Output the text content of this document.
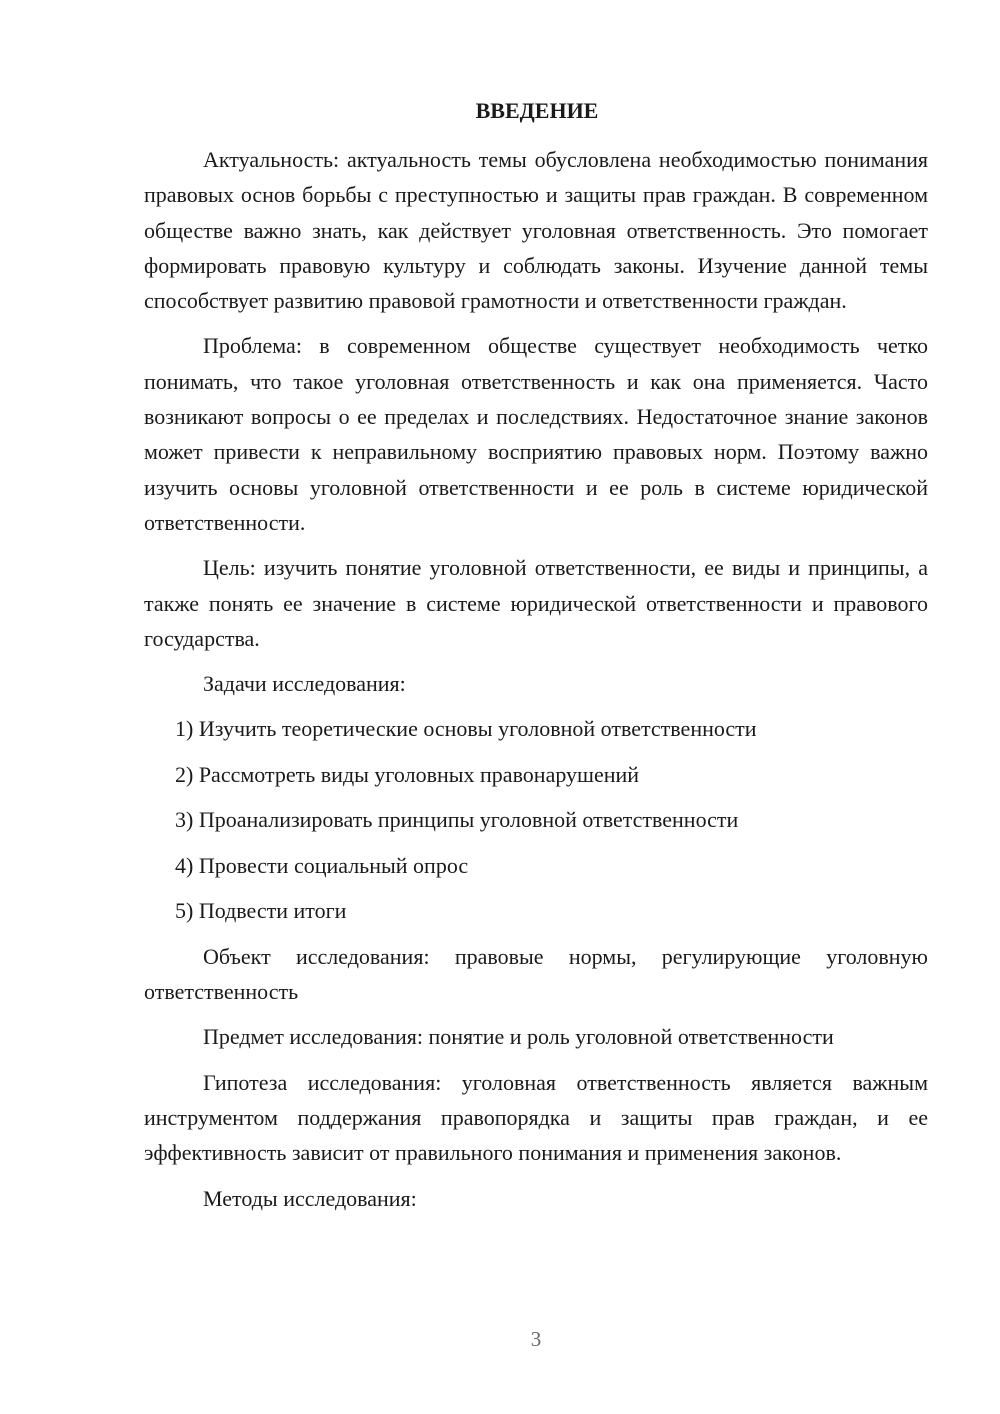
ВВЕДЕНИЕ

Актуальность: актуальность темы обусловлена необходимостью понимания правовых основ борьбы с преступностью и защиты прав граждан. В современном обществе важно знать, как действует уголовная ответственность. Это помогает формировать правовую культуру и соблюдать законы. Изучение данной темы способствует развитию правовой грамотности и ответственности граждан.

Проблема: в современном обществе существует необходимость четко понимать, что такое уголовная ответственность и как она применяется. Часто возникают вопросы о ее пределах и последствиях. Недостаточное знание законов может привести к неправильному восприятию правовых норм. Поэтому важно изучить основы уголовной ответственности и ее роль в системе юридической ответственности.

Цель: изучить понятие уголовной ответственности, ее виды и принципы, а также понять ее значение в системе юридической ответственности и правового государства.

Задачи исследования:

1) Изучить теоретические основы уголовной ответственности
2) Рассмотреть виды уголовных правонарушений
3) Проанализировать принципы уголовной ответственности
4) Провести социальный опрос
5) Подвести итоги

Объект исследования: правовые нормы, регулирующие уголовную ответственность

Предмет исследования: понятие и роль уголовной ответственности

Гипотеза исследования: уголовная ответственность является важным инструментом поддержания правопорядка и защиты прав граждан, и ее эффективность зависит от правильного понимания и применения законов.

Методы исследования:

3
